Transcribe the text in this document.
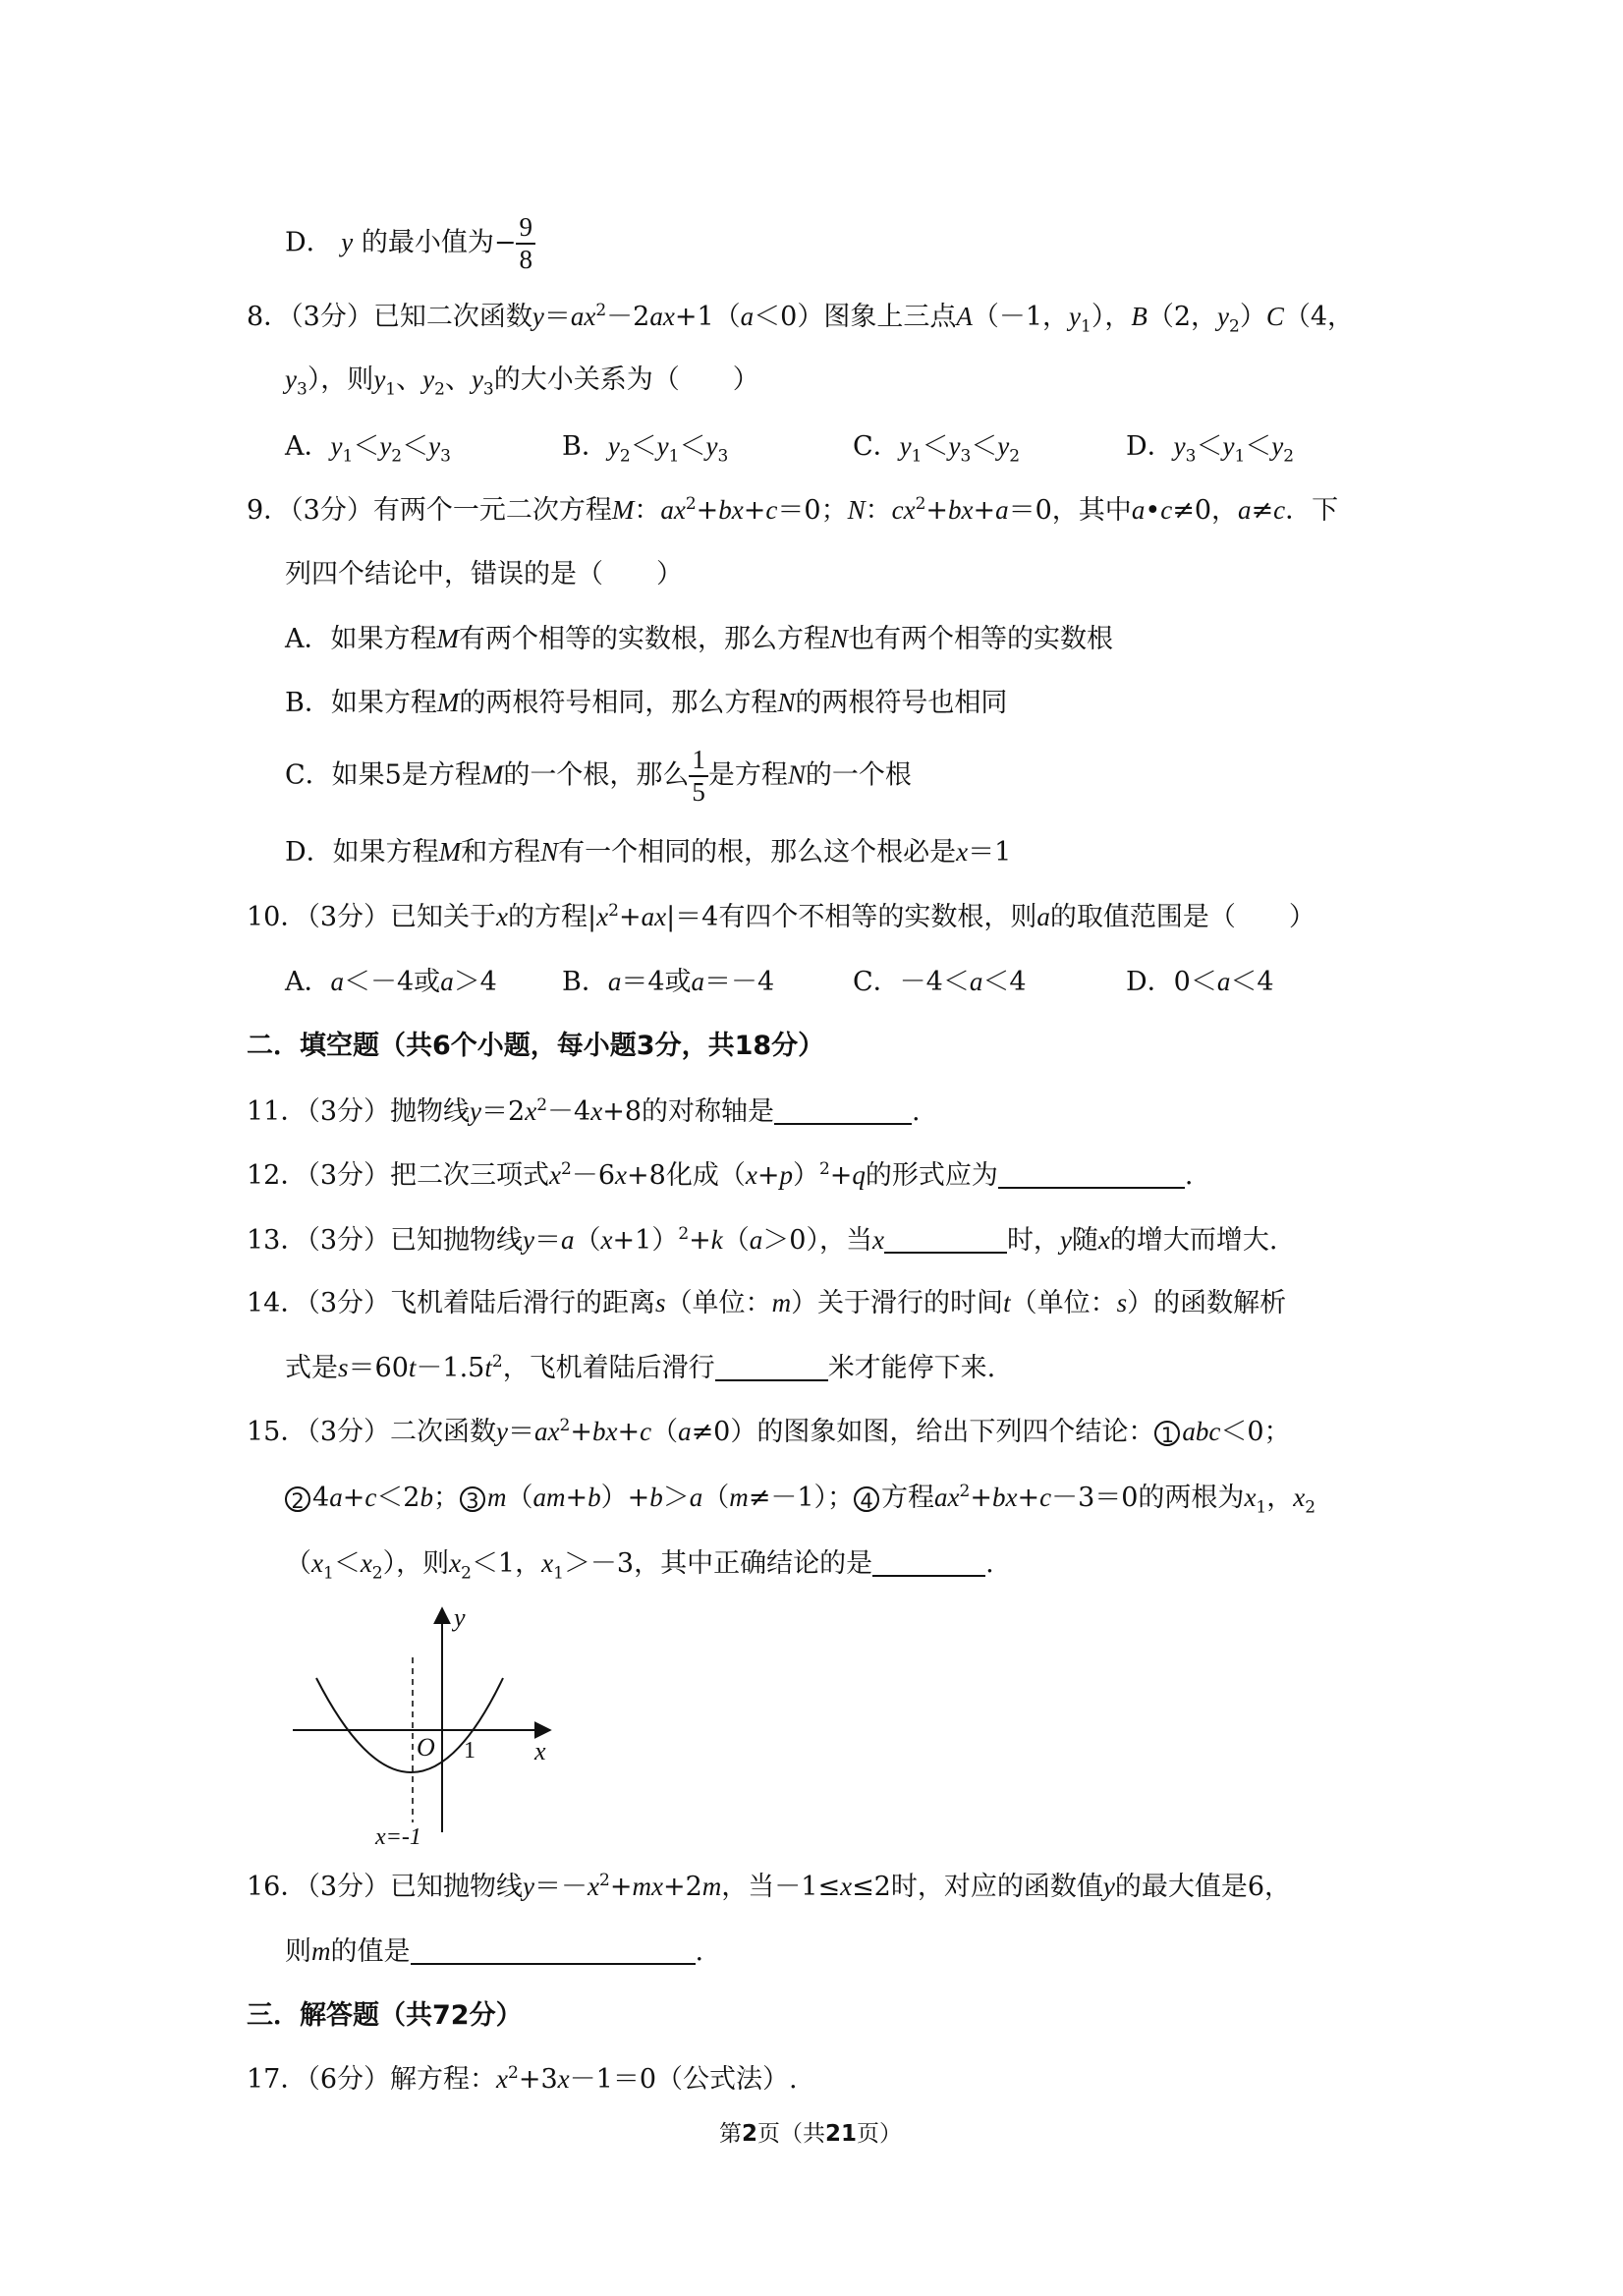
D． y 的最小值为− $\frac{9}{8}$
8．（3分）已知二次函数$y=ax^2-2ax+1(a<0)$图象上三点A（－1，$y_1$），B（2，$y_2)C(4$，
$y_3$），则$y_1$、$y_2$、$y_3$的大小关系为（　　）
A．$y_1<y_2<y_3$	B．$y_2<y_1<y_3$	C．$y_1<y_3<y_2$	D．$y_3<y_1<y_2$
9．（3分）有两个一元二次方程M：$ax^2+bx+c=0$；N：$cx^2+bx+a=0$，其中a•c≠0，a≠c．下
列四个结论中，错误的是（　　）
A．如果方程M有两个相等的实数根，那么方程N也有两个相等的实数根
B．如果方程M的两根符号相同，那么方程N的两根符号也相同
C．如果5是方程M的一个根，那么 $\frac{1}{5}$ 是方程N的一个根
D．如果方程M和方程N有一个相同的根，那么这个根必是x＝1
10．（3分）已知关于x的方程$|x^2+ax|=4$有四个不相等的实数根，则a的取值范围是（　　）
A．a＜－4或a＞4 B．a＝4或a＝－4	C．－4＜a＜4	D．0＜a＜4
二．填空题（共6个小题，每小题3分，共18分）
11．（3分）抛物线$y=2x^2-4x+8$的对称轴是	.
12．（3分）把二次三项式$x^2-6x+8$化成$(x+p)^2+q$的形式应为	.
13．（3分）已知抛物线$y=a(x+1)^2+k(a>0)$，当x	时，y随x的增大而增大.
14．（3分）飞机着陆后滑行的距离s（单位：m）关于滑行的时间t（单位：s）的函数解析
式是$s=60t-1.5t^2$，飞机着陆后滑行	米才能停下来.
15．（3分）二次函数$y=ax^2+bx+c(a\ne 0)$的图象如图，给出下列四个结论： 1 abc＜0；
2 4a+c＜2b； 3 m（am+b）+b＞a（m≠－1）； 4 方程$ax^2+bx+c-3=0$的两根为$x_1$，$x_2$
$(x_1<x_2)$，则$x_2<1$，$x_1>-3$，其中正确结论的是	.
y
x
O 1
x=-1
16．（3分）已知抛物线$y=-x^2+mx+2m$，当－1≤x≤2时，对应的函数值y的最大值是6，
则m的值是	.
三．解答题（共72分）
17．（6分）解方程：$x^2+3x-1=0$（公式法）.
第2页（共21页）
